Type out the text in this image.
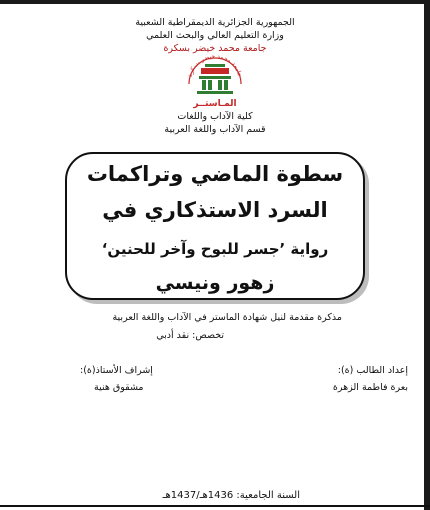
الجمهورية الجزائرية الديمقراطية الشعبية
وزارة التعليم العالي والبحث العلمي
جامعة محمد خيضر بسكرة
جامعة محمد خيضر بسكرة
المـاستــر
كلية الآداب واللغات
قسم الآداب واللغة العربية
سطوة الماضي وتراكمات
السرد الاستذكاري في
رواية ’جسر للبوح وآخر للحنين‘
زهور ونيسي
مذكرة مقدمة لنيل شهادة الماستر في الآداب واللغة العربية
تخصص: نقد أدبي
إعداد الطالب (ة):
بعرة فاطمة الزهرة
إشراف الأستاذ(ة):
مشقوق هنية
السنة الجامعية: 1436هـ/1437هـ
